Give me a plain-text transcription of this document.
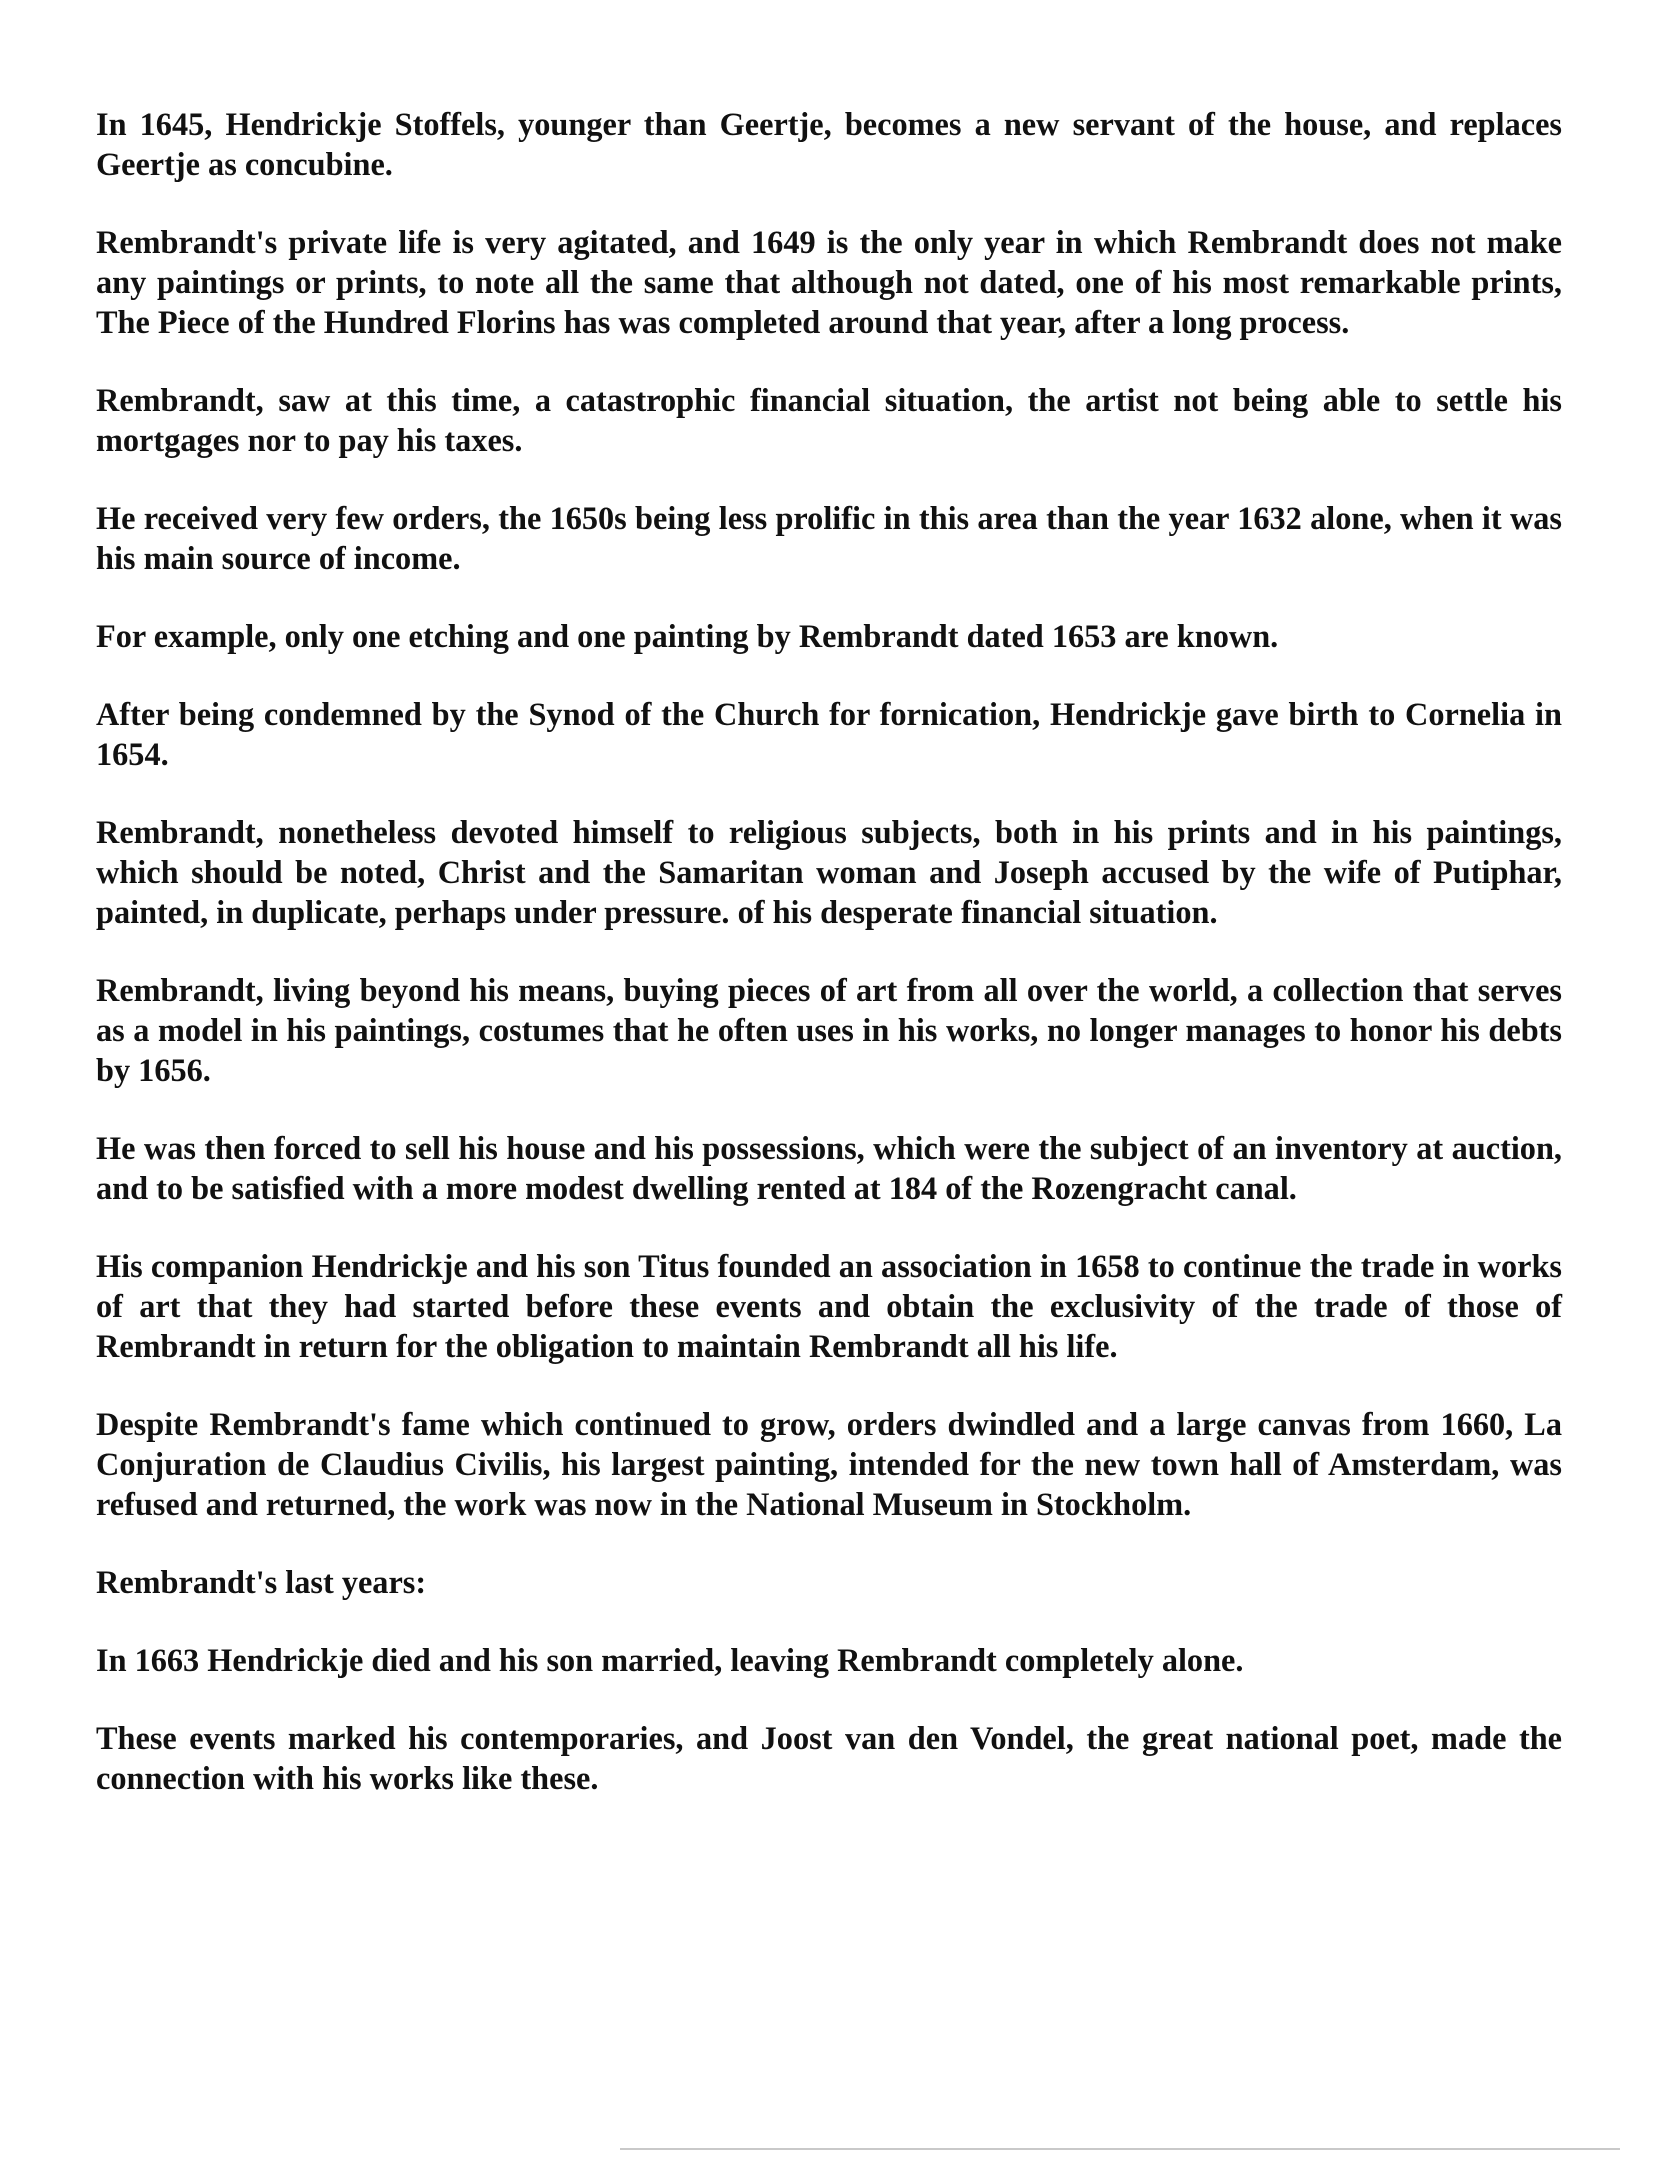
In 1645, Hendrickje Stoffels, younger than Geertje, becomes a new servant of the house, and replaces Geertje as concubine.

Rembrandt's private life is very agitated, and 1649 is the only year in which Rembrandt does not make any paintings or prints, to note all the same that although not dated, one of his most remarkable prints, The Piece of the Hundred Florins has was completed around that year, after a long process.

Rembrandt, saw at this time, a catastrophic financial situation, the artist not being able to settle his mortgages nor to pay his taxes.

He received very few orders, the 1650s being less prolific in this area than the year 1632 alone, when it was his main source of income.

For example, only one etching and one painting by Rembrandt dated 1653 are known.

After being condemned by the Synod of the Church for fornication, Hendrickje gave birth to Cornelia in 1654.

Rembrandt, nonetheless devoted himself to religious subjects, both in his prints and in his paintings, which should be noted, Christ and the Samaritan woman and Joseph accused by the wife of Putiphar, painted, in duplicate, perhaps under pressure. of his desperate financial situation.

Rembrandt, living beyond his means, buying pieces of art from all over the world, a collection that serves as a model in his paintings, costumes that he often uses in his works, no longer manages to honor his debts by 1656.

He was then forced to sell his house and his possessions, which were the subject of an inventory at auction, and to be satisfied with a more modest dwelling rented at 184 of the Rozengracht canal.

His companion Hendrickje and his son Titus founded an association in 1658 to continue the trade in works of art that they had started before these events and obtain the exclusivity of the trade of those of Rembrandt in return for the obligation to maintain Rembrandt all his life.

Despite Rembrandt's fame which continued to grow, orders dwindled and a large canvas from 1660, La Conjuration de Claudius Civilis, his largest painting, intended for the new town hall of Amsterdam, was refused and returned, the work was now in the National Museum in Stockholm.

Rembrandt's last years:

In 1663 Hendrickje died and his son married, leaving Rembrandt completely alone.

These events marked his contemporaries, and Joost van den Vondel, the great national poet, made the connection with his works like these.
